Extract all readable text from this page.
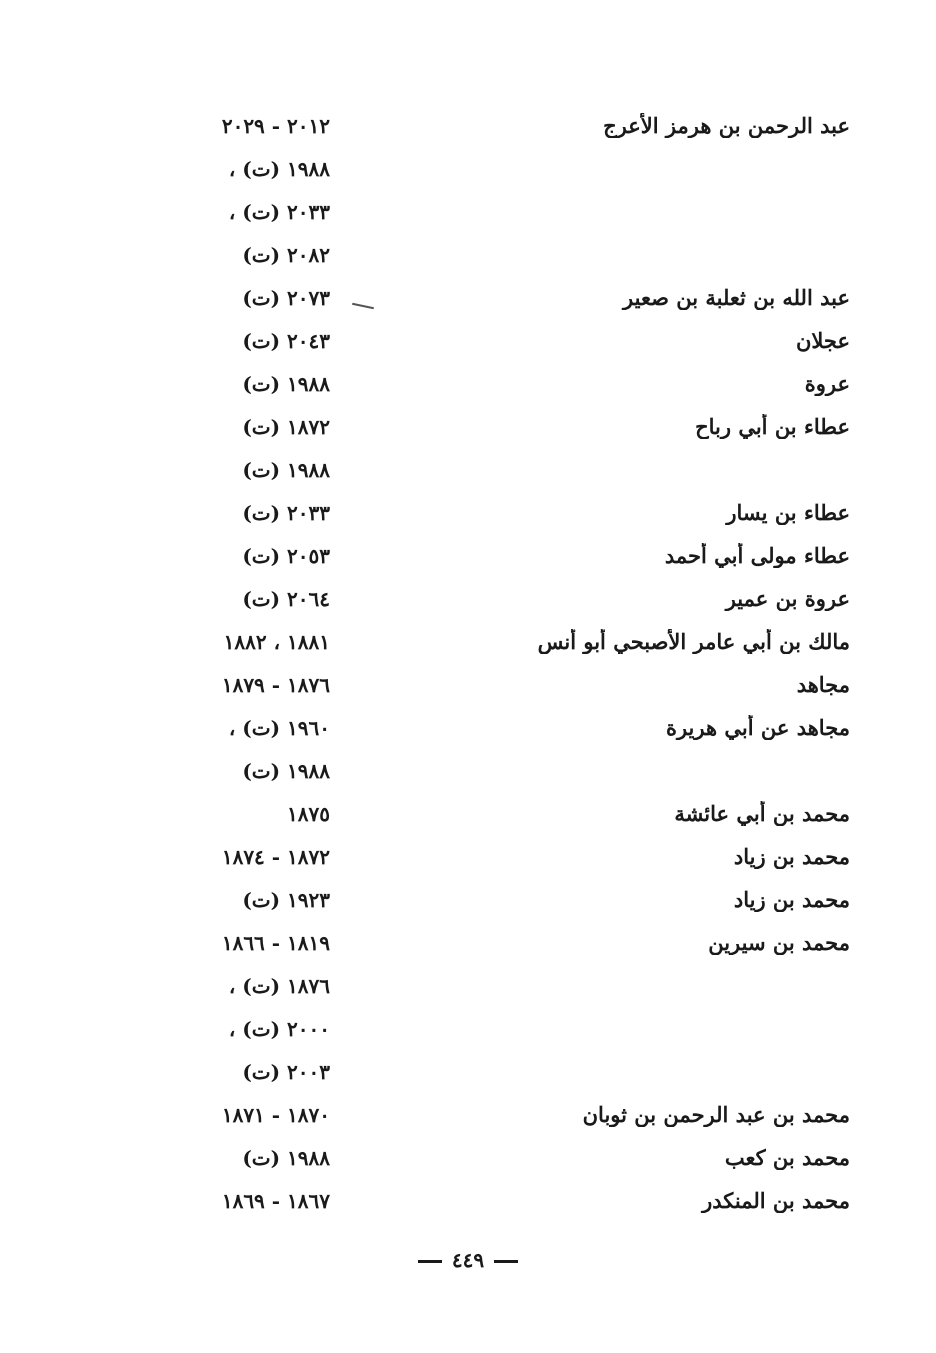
٢٠١٢ - ٢٠٢٩	عبد الرحمن بن هرمز الأعرج
١٩٨٨ (ت) ،
٢٠٣٣ (ت) ،
٢٠٨٢ (ت)
٢٠٧٣ (ت)	عبد الله بن ثعلبة بن صعير
٢٠٤٣ (ت)	عجلان
١٩٨٨ (ت)	عروة
١٨٧٢ (ت)	عطاء بن أبي رباح
١٩٨٨ (ت)
٢٠٣٣ (ت)	عطاء بن يسار
٢٠٥٣ (ت)	عطاء مولى أبي أحمد
٢٠٦٤ (ت)	عروة بن عمير
١٨٨١ ، ١٨٨٢	مالك بن أبي عامر الأصبحي أبو أنس
١٨٧٦ - ١٨٧٩	مجاهد
١٩٦٠ (ت) ،	مجاهد عن أبي هريرة
١٩٨٨ (ت)
١٨٧٥	محمد بن أبي عائشة
١٨٧٢ - ١٨٧٤	محمد بن زياد
١٩٢٣ (ت)	محمد بن زياد
١٨١٩ - ١٨٦٦	محمد بن سيرين
١٨٧٦ (ت) ،
٢٠٠٠ (ت) ،
٢٠٠٣ (ت)
١٨٧٠ - ١٨٧١	محمد بن عبد الرحمن بن ثوبان
١٩٨٨ (ت)	محمد بن كعب
١٨٦٧ - ١٨٦٩	محمد بن المنكدر
٤٤٩
